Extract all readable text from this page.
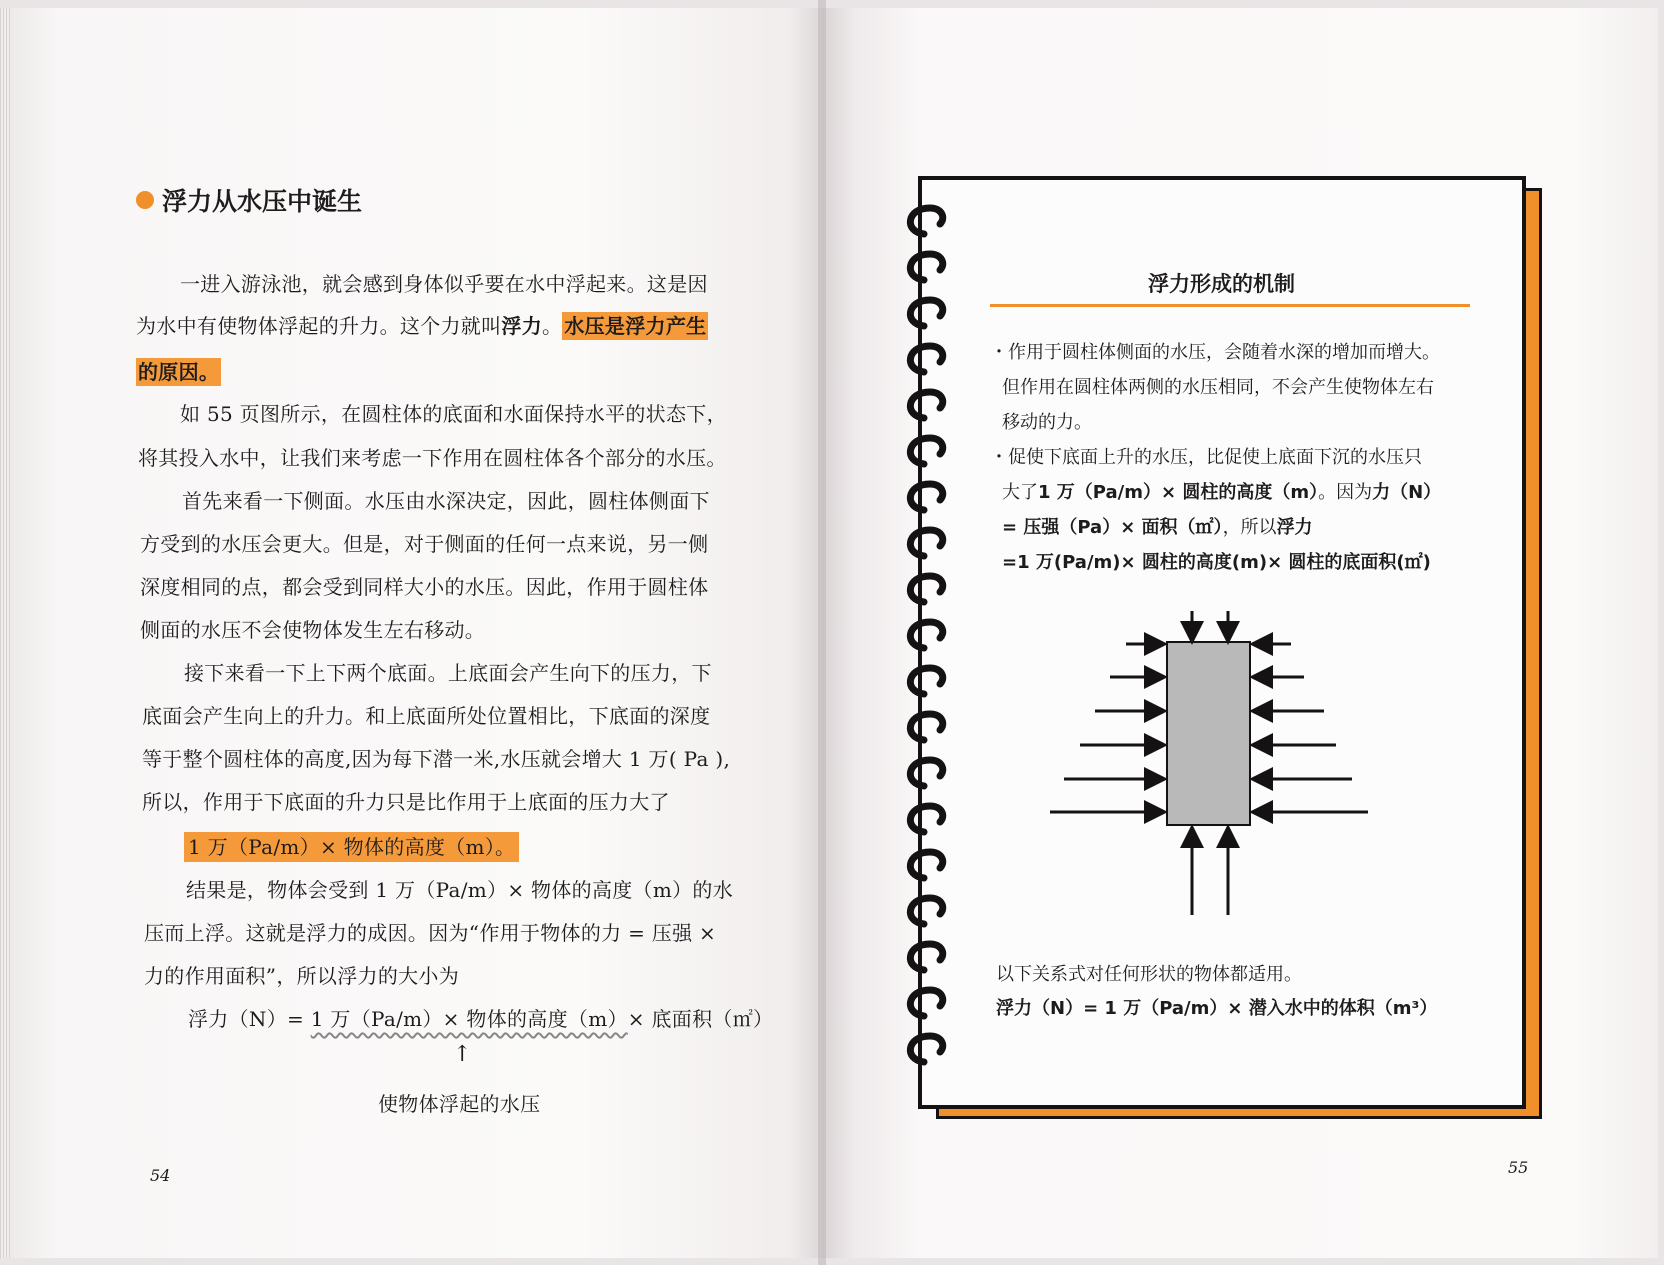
浮力从水压中诞生
一进入游泳池，就会感到身体似乎要在水中浮起来。这是因
为水中有使物体浮起的升力。这个力就叫浮力。 水压是浮力产生
的原因。
如 55 页图所示，在圆柱体的底面和水面保持水平的状态下，
将其投入水中，让我们来考虑一下作用在圆柱体各个部分的水压。
首先来看一下侧面。水压由水深决定，因此，圆柱体侧面下
方受到的水压会更大。但是，对于侧面的任何一点来说，另一侧
深度相同的点，都会受到同样大小的水压。因此，作用于圆柱体
侧面的水压不会使物体发生左右移动。
接下来看一下上下两个底面。上底面会产生向下的压力，下
底面会产生向上的升力。和上底面所处位置相比，下底面的深度
等于整个圆柱体的高度,因为每下潜一米,水压就会增大 1 万( Pa ),
所以，作用于下底面的升力只是比作用于上底面的压力大了
1 万（Pa/m）× 物体的高度（m）。
结果是，物体会受到 1 万（Pa/m）× 物体的高度（m）的水
压而上浮。这就是浮力的成因。因为“作用于物体的力 = 压强 ×
力的作用面积”，所以浮力的大小为
浮力（N）= 1 万（Pa/m）× 物体的高度（m）× 底面积（㎡）
↑
使物体浮起的水压
54
浮力形成的机制
・作用于圆柱体侧面的水压，会随着水深的增加而增大。
但作用在圆柱体两侧的水压相同，不会产生使物体左右
移动的力。
・促使下底面上升的水压，比促使上底面下沉的水压只
大了1 万（Pa/m）× 圆柱的高度（m）。因为力（N）
= 压强（Pa）× 面积（㎡），所以浮力
=1 万(Pa/m)× 圆柱的高度(m)× 圆柱的底面积(㎡)
以下关系式对任何形状的物体都适用。
浮力（N）= 1 万（Pa/m）× 潜入水中的体积（m³）
55
